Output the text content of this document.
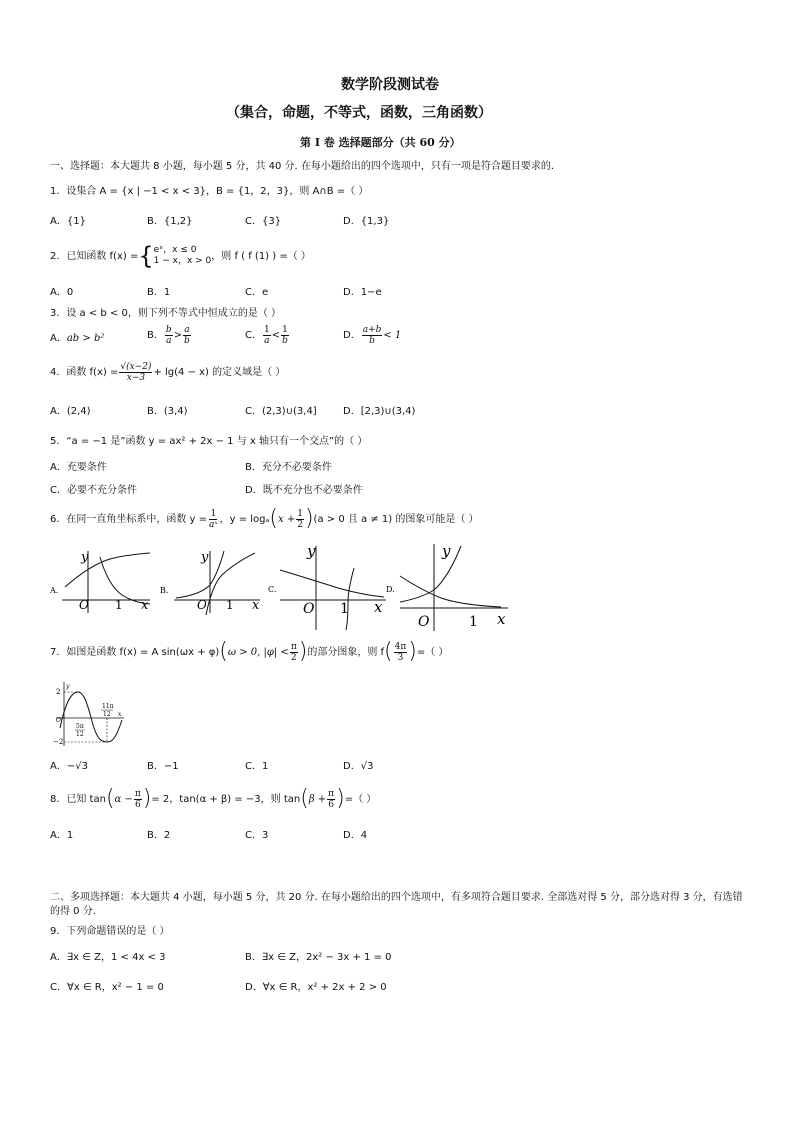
数学阶段测试卷
（集合，命题，不等式，函数，三角函数）
第 I 卷 选择题部分（共 60 分）
一、选择题：本大题共 8 小题，每小题 5 分，共 40 分. 在每小题给出的四个选项中，只有一项是符合题目要求的.
1．设集合 A = {x | −1 < x < 3}，B = {1，2，3}，则 A∩B =（ ）
A．{1}	B．{1,2}	C．{3}	D．{1,3}
2．已知函数 f(x) = { eˣ，x ≤ 0
1 − x，x > 0 ，则 f ( f (1) ) =（ ）
A．0	B．1	C．e	D．1−e
3．设 a < b < 0，则下列不等式中恒成立的是（ ）
A．ab > b²	B． $\frac{b}{a} > \frac{a}{b}$	C． $\frac{1}{a} < \frac{1}{b}$	D． $\frac{a+b}{b} < 1$
4．函数 $f(x) = \frac{√(x-2)}{x-3} + \lg(4 - x)$ 的定义域是（ ）
A．(2,4)	B．(3,4)	C．(2,3)∪(3,4]	D．[2,3)∪(3,4)
5．“a = −1 是”函数 y = ax² + 2x − 1 与 x 轴只有一个交点”的（ ）
A．充要条件	B．充分不必要条件
C．必要不充分条件	D．既不充分也不必要条件
6．在同一直角坐标系中，函数 $y = \frac{1}{\text{aˣ}}$ ，y = logₐ ( $x + \frac{1}{2}$ ) (a > 0 且 a ≠ 1) 的图象可能是（ ）
A.
y
x
O 1
B.
y
x
O 1
C.
y
x
O 1
D.
y
x
O	1
7．如图是函数 f(x) = A sin(ωx + φ) ( ω > 0, $|\varphi| < \frac{\pi}{2}$ ) 的部分图象，则 f ( $\frac{4\pi}{3}$ ) =（ ）
y
x
2
−2
O
5π
12
11π
12
A．−√3	B．−1	C．1	D．√3
8．已知 tan ( $\alpha - \frac{\pi}{6}$ ) = 2，tan(α + β) = −3，则 tan ( $\beta + \frac{\pi}{6}$ ) =（ ）
A．1	B．2	C．3	D．4
二、多项选择题：本大题共 4 小题，每小题 5 分，共 20 分. 在每小题给出的四个选项中，有多项符合题目要求. 全部选对得 5 分，部分选对得 3 分，有选错的得 0 分.
9．下列命题错误的是（ ）
A．∃x ∈ Z，1 < 4x < 3	B．∃x ∈ Z，2x² − 3x + 1 = 0
C．∀x ∈ R，x² − 1 = 0	D．∀x ∈ R，x² + 2x + 2 > 0
